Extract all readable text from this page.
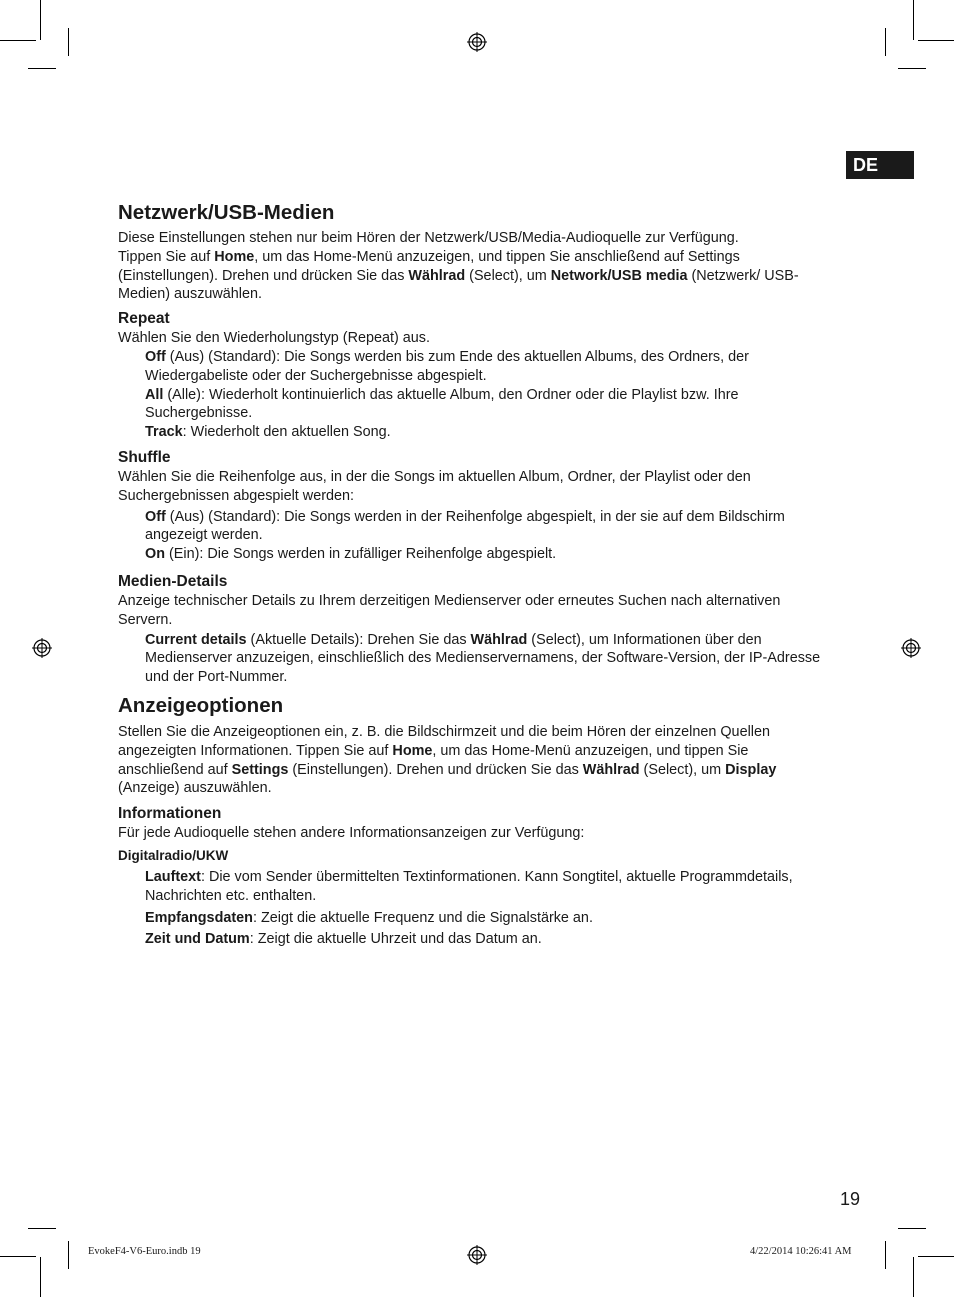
DE
Netzwerk/USB-Medien

Diese Einstellungen stehen nur beim Hören der Netzwerk/USB/Media-Audioquelle zur Verfügung.
Tippen Sie auf Home, um das Home-Menü anzuzeigen, und tippen Sie anschließend auf Settings (Einstellungen). Drehen und drücken Sie das Wählrad (Select), um Network/USB media (Netzwerk/ USB-Medien) auszuwählen.

Repeat

Wählen Sie den Wiederholungstyp (Repeat) aus.

Off (Aus) (Standard): Die Songs werden bis zum Ende des aktuellen Albums, des Ordners, der Wiedergabeliste oder der Suchergebnisse abgespielt.

All (Alle): Wiederholt kontinuierlich das aktuelle Album, den Ordner oder die Playlist bzw. Ihre Suchergebnisse.

Track: Wiederholt den aktuellen Song.

Shuffle

Wählen Sie die Reihenfolge aus, in der die Songs im aktuellen Album, Ordner, der Playlist oder den Suchergebnissen abgespielt werden:

Off (Aus) (Standard): Die Songs werden in der Reihenfolge abgespielt, in der sie auf dem Bildschirm angezeigt werden.

On (Ein): Die Songs werden in zufälliger Reihenfolge abgespielt.

Medien-Details

Anzeige technischer Details zu Ihrem derzeitigen Medienserver oder erneutes Suchen nach alternativen Servern.

Current details (Aktuelle Details): Drehen Sie das Wählrad (Select), um Informationen über den Medienserver anzuzeigen, einschließlich des Medienservernamens, der Software-Version, der IP-Adresse und der Port-Nummer.

Anzeigeoptionen

Stellen Sie die Anzeigeoptionen ein, z. B. die Bildschirmzeit und die beim Hören der einzelnen Quellen angezeigten Informationen. Tippen Sie auf Home, um das Home-Menü anzuzeigen, und tippen Sie anschließend auf Settings (Einstellungen). Drehen und drücken Sie das Wählrad (Select), um Display (Anzeige) auszuwählen.

Informationen

Für jede Audioquelle stehen andere Informationsanzeigen zur Verfügung:

Digitalradio/UKW

Lauftext: Die vom Sender übermittelten Textinformationen. Kann Songtitel, aktuelle Programmdetails, Nachrichten etc. enthalten.

Empfangsdaten: Zeigt die aktuelle Frequenz und die Signalstärke an.

Zeit und Datum: Zeigt die aktuelle Uhrzeit und das Datum an.

19
EvokeF4-V6-Euro.indb 19	4/22/2014 10:26:41 AM
